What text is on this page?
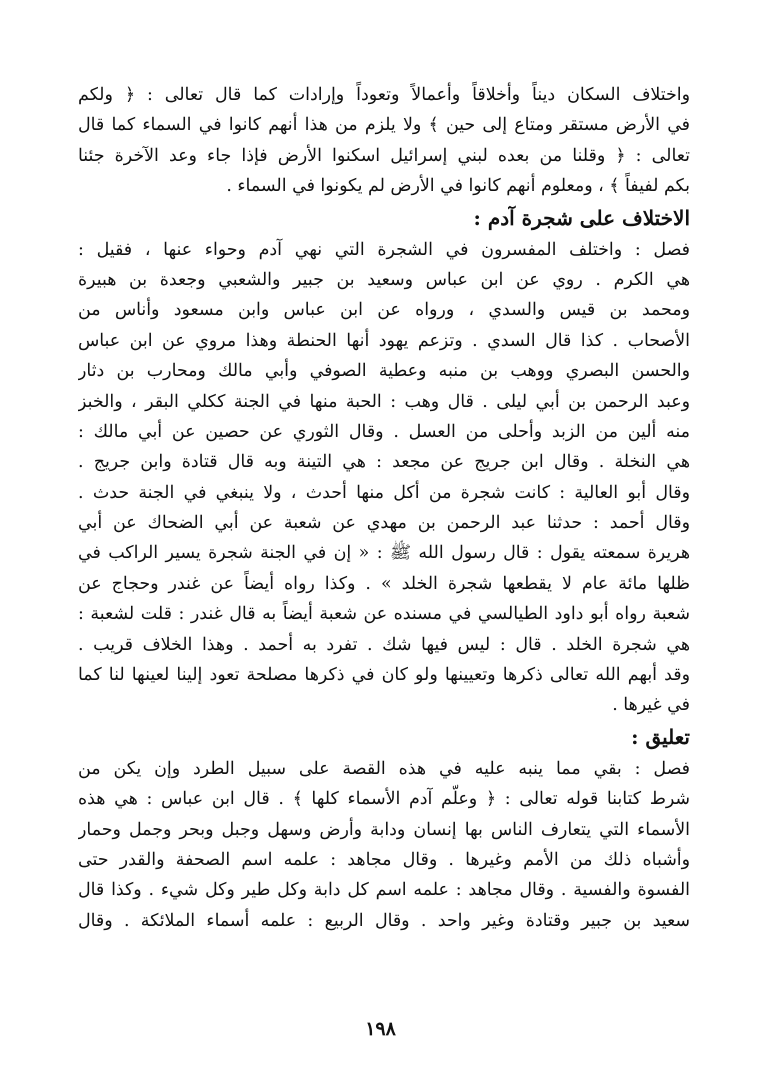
واختلاف السكان ديناً وأخلاقاً وأعمالاً وتعوداً وإرادات كما قال تعالى : ﴿ ولكم
في الأرض مستقر ومتاع إلى حين ﴾ ولا يلزم من هذا أنهم كانوا في السماء كما قال
تعالى : ﴿ وقلنا من بعده لبني إسرائيل اسكنوا الأرض فإذا جاء وعد الآخرة جئنا
بكم لفيفاً ﴾ ، ومعلوم أنهم كانوا في الأرض لم يكونوا في السماء .
الاختلاف على شجرة آدم :
فصل : واختلف المفسرون في الشجرة التي نهي آدم وحواء عنها ، فقيل :
هي الكرم . روي عن ابن عباس وسعيد بن جبير والشعبي وجعدة بن هبيرة
ومحمد بن قيس والسدي ، ورواه عن ابن عباس وابن مسعود وأناس من
الأصحاب . كذا قال السدي . وتزعم يهود أنها الحنطة وهذا مروي عن ابن عباس
والحسن البصري ووهب بن منبه وعطية الصوفي وأبي مالك ومحارب بن دثار
وعبد الرحمن بن أبي ليلى . قال وهب : الحبة منها في الجنة ككلي البقر ، والخبز
منه ألين من الزبد وأحلى من العسل . وقال الثوري عن حصين عن أبي مالك :
هي النخلة . وقال ابن جريج عن مجعد : هي التينة وبه قال قتادة وابن جريج .
وقال أبو العالية : كانت شجرة من أكل منها أحدث ، ولا ينبغي في الجنة حدث .
وقال أحمد : حدثنا عبد الرحمن بن مهدي عن شعبة عن أبي الضحاك عن أبي
هريرة سمعته يقول : قال رسول الله ﷺ : « إن في الجنة شجرة يسير الراكب في
ظلها مائة عام لا يقطعها شجرة الخلد » . وكذا رواه أيضاً عن غندر وحجاج عن
شعبة رواه أبو داود الطيالسي في مسنده عن شعبة أيضاً به قال غندر : قلت لشعبة :
هي شجرة الخلد . قال : ليس فيها شك . تفرد به أحمد . وهذا الخلاف قريب .
وقد أبهم الله تعالى ذكرها وتعيينها ولو كان في ذكرها مصلحة تعود إلينا لعينها لنا كما
في غيرها .
تعليق :
فصل : بقي مما ينبه عليه في هذه القصة على سبيل الطرد وإن يكن من
شرط كتابنا قوله تعالى : ﴿ وعلّم آدم الأسماء كلها ﴾ . قال ابن عباس : هي هذه
الأسماء التي يتعارف الناس بها إنسان ودابة وأرض وسهل وجبل وبحر وجمل وحمار
وأشباه ذلك من الأمم وغيرها . وقال مجاهد : علمه اسم الصحفة والقدر حتى
الفسوة والفسية . وقال مجاهد : علمه اسم كل دابة وكل طير وكل شيء . وكذا قال
سعيد بن جبير وقتادة وغير واحد . وقال الربيع : علمه أسماء الملائكة . وقال
١٩٨
